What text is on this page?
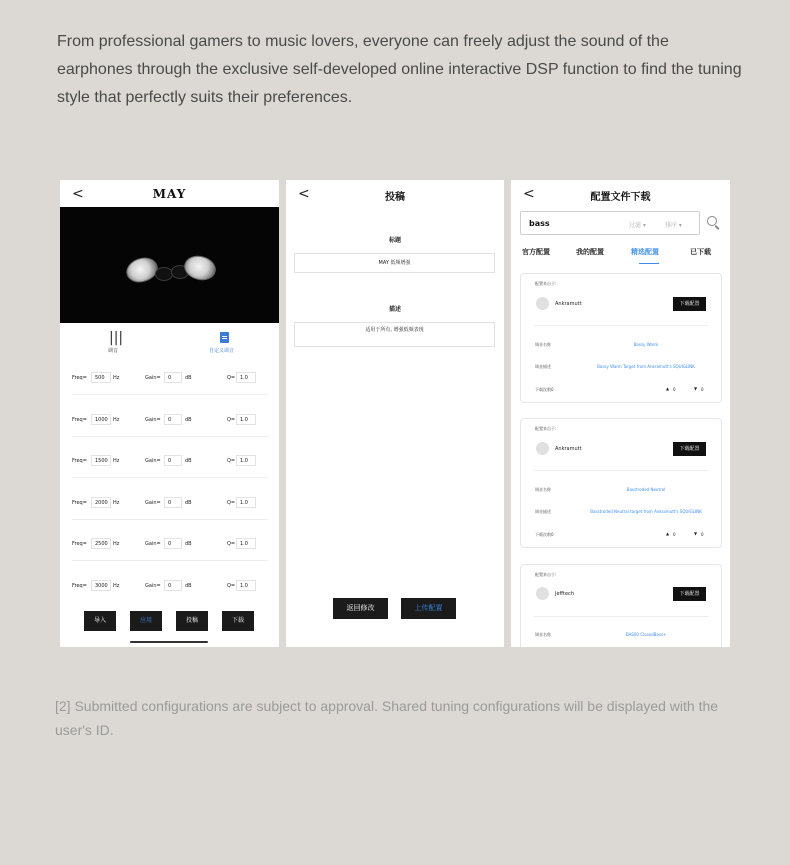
From professional gamers to music lovers, everyone can freely adjust the sound of the earphones through the exclusive self-developed online interactive DSP function to find the tuning style that perfectly suits their preferences.

<	MAY
|||
调音	自定义调音
Freq=	500	Hz	Gain=	0	dB	Q= 1.0
Freq=	1000	Hz	Gain=	0	dB	Q= 1.0
Freq=	1500	Hz	Gain=	0	dB	Q= 1.0
Freq=	2000	Hz	Gain=	0	dB	Q= 1.0
Freq=	2500	Hz	Gain=	0	dB	Q= 1.0
Freq=	3000	Hz	Gain=	0	dB	Q= 1.0
导入	应用	投稿	下载
<	投稿
标题
MAY 低频增强
描述
适用于所有, 增强低频表现
返回修改	上传配置
<	配置文件下载
bass	过滤 ▾	排序 ▾
官方配置	我的配置	精选配置	已下载
配置来自于:
Ankramutt	下载配置
调音名称	Bassy Warm
调音描述	Bassy Warm Target from Ankramutt's SQUIGLINK
下载次数0	▲ 0	▼ 0
配置来自于:
Ankramutt	下载配置
调音名称	Basstroded Neutral
调音描述	Basstroded Neutral target from Ankramutt's SQUIGLINK
下载次数0	▲ 0	▼ 0
配置来自于:
Jefftech	下载配置
调音名称	DAS00 ClosedBass+

[2] Submitted configurations are subject to approval. Shared tuning configurations will be displayed with the user's ID.
